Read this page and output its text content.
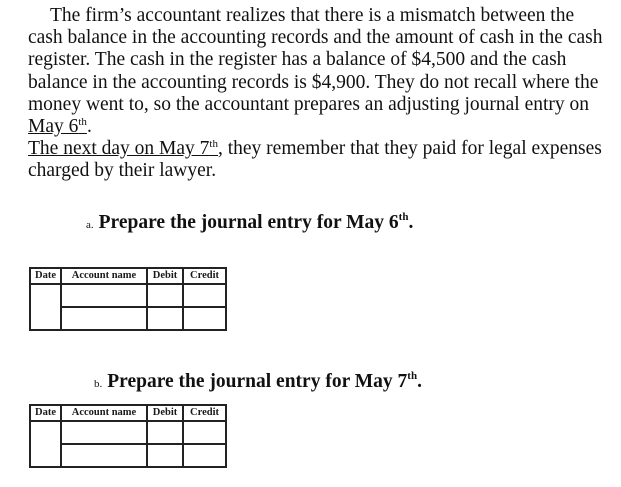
The firm’s accountant realizes that there is a mismatch between the cash balance in the accounting records and the amount of cash in the cash register. The cash in the register has a balance of $4,500 and the cash balance in the accounting records is $4,900. They do not recall where the money went to, so the accountant prepares an adjusting journal entry on May 6th.
The next day on May 7th, they remember that they paid for legal expenses charged by their lawyer.

a. Prepare the journal entry for May 6th.
Date	Account name	Debit	Credit

b. Prepare the journal entry for May 7th.
Date	Account name	Debit	Credit
